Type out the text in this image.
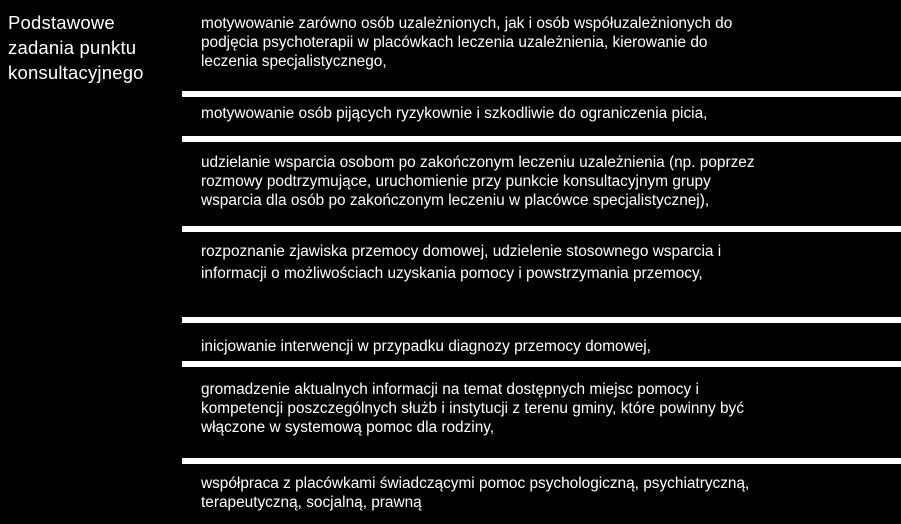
Podstawowe
zadania punktu
konsultacyjnego
motywowanie zarówno osób uzależnionych, jak i osób współuzależnionych do
podjęcia psychoterapii w placówkach leczenia uzależnienia, kierowanie do
leczenia specjalistycznego,
motywowanie osób pijących ryzykownie i szkodliwie do ograniczenia picia,
udzielanie wsparcia osobom po zakończonym leczeniu uzależnienia (np. poprzez
rozmowy podtrzymujące, uruchomienie przy punkcie konsultacyjnym grupy
wsparcia dla osób po zakończonym leczeniu w placówce specjalistycznej),
rozpoznanie zjawiska przemocy domowej, udzielenie stosownego wsparcia i
informacji o możliwościach uzyskania pomocy i powstrzymania przemocy,
inicjowanie interwencji w przypadku diagnozy przemocy domowej,
gromadzenie aktualnych informacji na temat dostępnych miejsc pomocy i
kompetencji poszczególnych służb i instytucji z terenu gminy, które powinny być
włączone w systemową pomoc dla rodziny,
współpraca z placówkami świadczącymi pomoc psychologiczną, psychiatryczną,
terapeutyczną, socjalną, prawną
